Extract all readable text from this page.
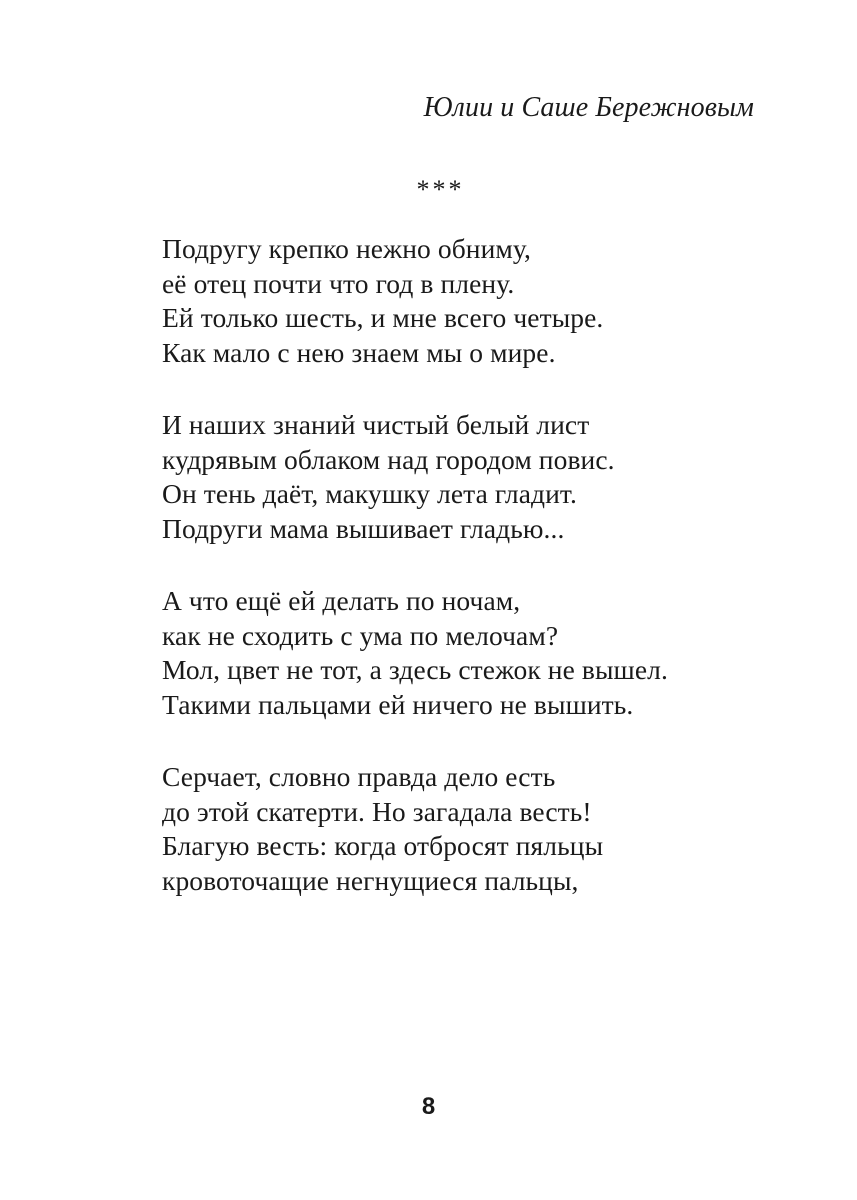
Юлии и Саше Бережновым
***
Подругу крепко нежно обниму,
её отец почти что год в плену.
Ей только шесть, и мне всего четыре.
Как мало с нею знаем мы о мире.
И наших знаний чистый белый лист
кудрявым облаком над городом повис.
Он тень даёт, макушку лета гладит.
Подруги мама вышивает гладью...
А что ещё ей делать по ночам,
как не сходить с ума по мелочам?
Мол, цвет не тот, а здесь стежок не вышел.
Такими пальцами ей ничего не вышить.
Серчает, словно правда дело есть
до этой скатерти. Но загадала весть!
Благую весть: когда отбросят пяльцы
кровоточащие негнущиеся пальцы,
8
